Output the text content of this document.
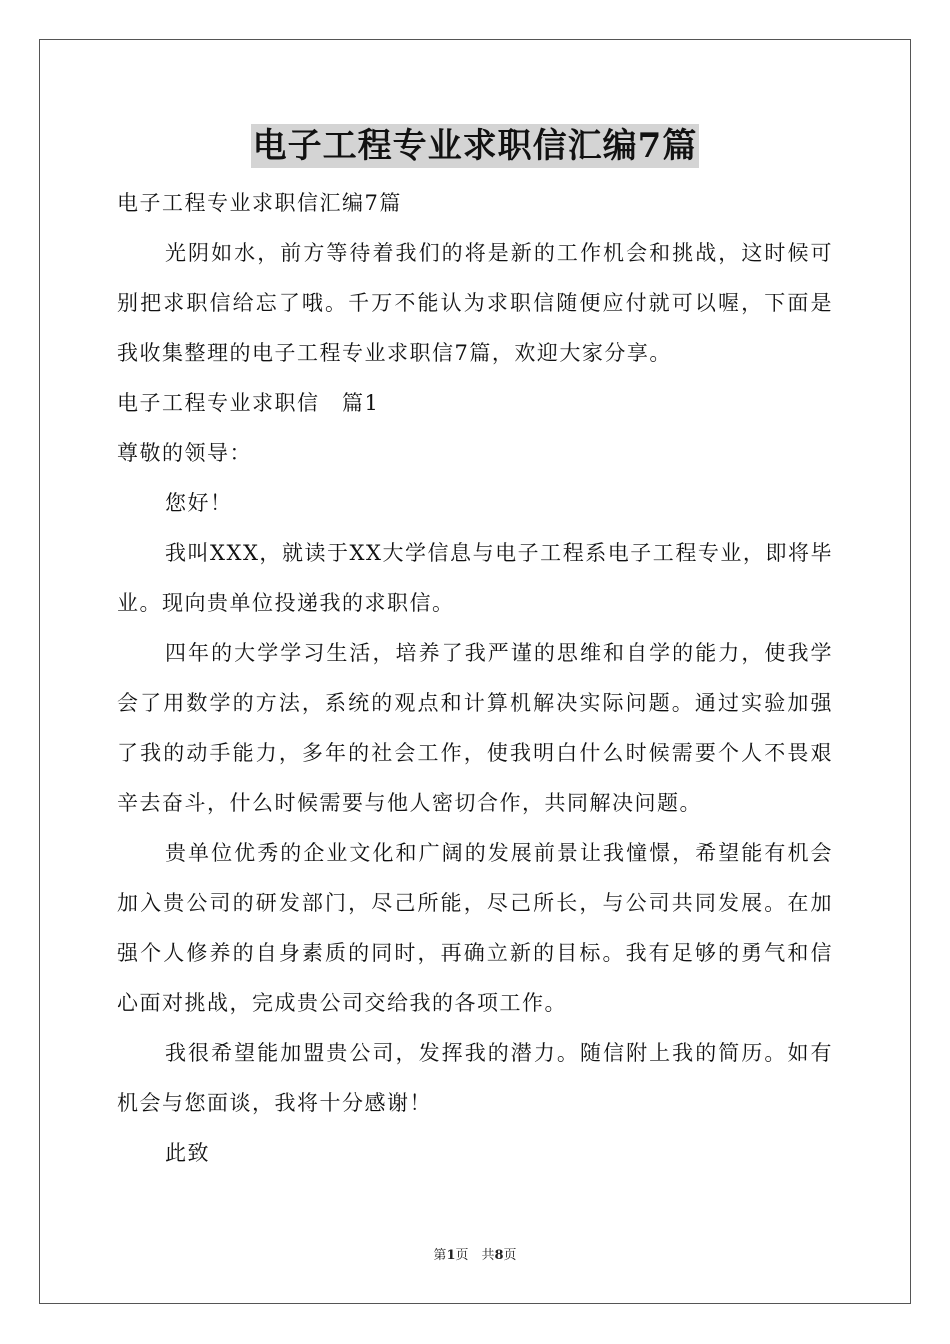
电子工程专业求职信汇编7篇

电子工程专业求职信汇编7篇

光阴如水，前方等待着我们的将是新的工作机会和挑战，这时候可别把求职信给忘了哦。千万不能认为求职信随便应付就可以喔，下面是我收集整理的电子工程专业求职信7篇，欢迎大家分享。

电子工程专业求职信　篇1

尊敬的领导：

您好！

我叫XXX，就读于XX大学信息与电子工程系电子工程专业，即将毕业。现向贵单位投递我的求职信。

四年的大学学习生活，培养了我严谨的思维和自学的能力，使我学会了用数学的方法，系统的观点和计算机解决实际问题。通过实验加强了我的动手能力，多年的社会工作，使我明白什么时候需要个人不畏艰辛去奋斗，什么时候需要与他人密切合作，共同解决问题。

贵单位优秀的企业文化和广阔的发展前景让我憧憬，希望能有机会加入贵公司的研发部门，尽己所能，尽己所长，与公司共同发展。在加强个人修养的自身素质的同时，再确立新的目标。我有足够的勇气和信心面对挑战，完成贵公司交给我的各项工作。

我很希望能加盟贵公司，发挥我的潜力。随信附上我的简历。如有机会与您面谈，我将十分感谢！

此致

第1页　共8页
